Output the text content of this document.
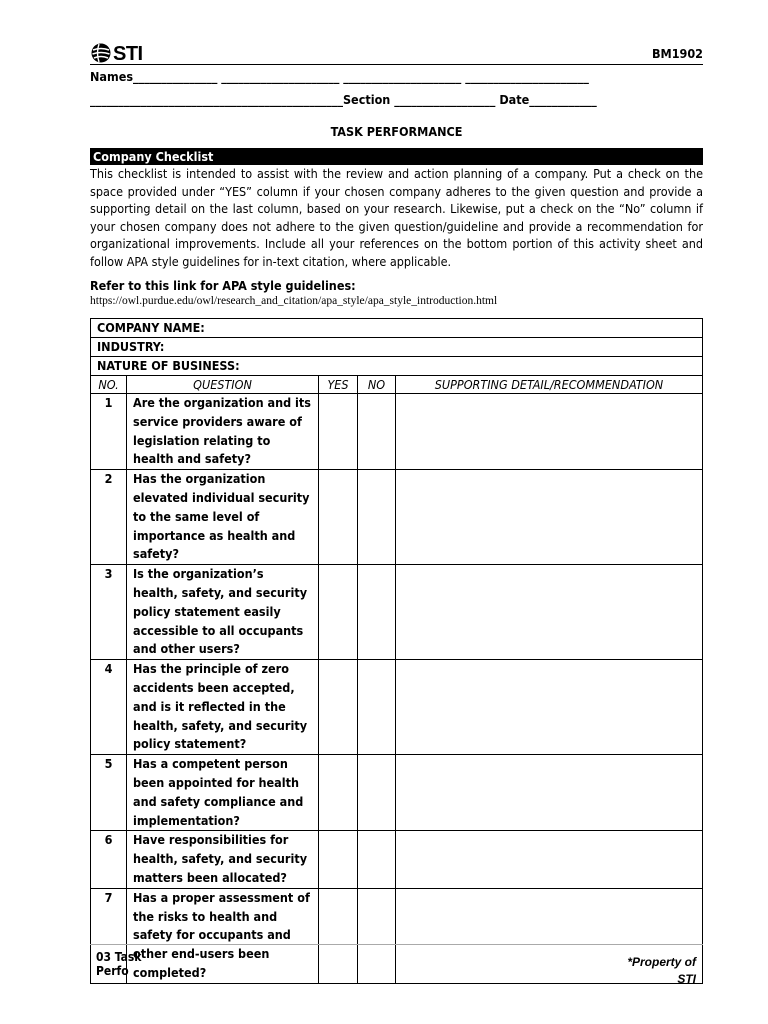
STI	BM1902
Names_______________ _____________________ _____________________ ______________________
_____________________________________________Section __________________ Date____________
TASK PERFORMANCE
Company Checklist

This checklist is intended to assist with the review and action planning of a company. Put a check on the space provided under “YES” column if your chosen company adheres to the given question and provide a supporting detail on the last column, based on your research. Likewise, put a check on the “No” column if your chosen company does not adhere to the given question/guideline and provide a recommendation for organizational improvements. Include all your references on the bottom portion of this activity sheet and follow APA style guidelines for in-text citation, where applicable.

Refer to this link for APA style guidelines:
https://owl.purdue.edu/owl/research_and_citation/apa_style/apa_style_introduction.html
COMPANY NAME:				
INDUSTRY:				
NATURE OF BUSINESS:				
NO.	QUESTION	YES	NO	SUPPORTING DETAIL/RECOMMENDATION
1	Are the organization and its service providers aware of legislation relating to health and safety?			
2	Has the organization elevated individual security to the same level of importance as health and safety?			
3	Is the organization’s health, safety, and security policy statement easily accessible to all occupants and other users?			
4	Has the principle of zero accidents been accepted, and is it reflected in the health, safety, and security policy statement?			
5	Has a competent person been appointed for health and safety compliance and implementation?			
6	Have responsibilities for health, safety, and security matters been allocated?			
7	Has a proper assessment of the risks to health and safety for occupants and other end-users been completed?			
03 Task Perfo
*Property of
STI
